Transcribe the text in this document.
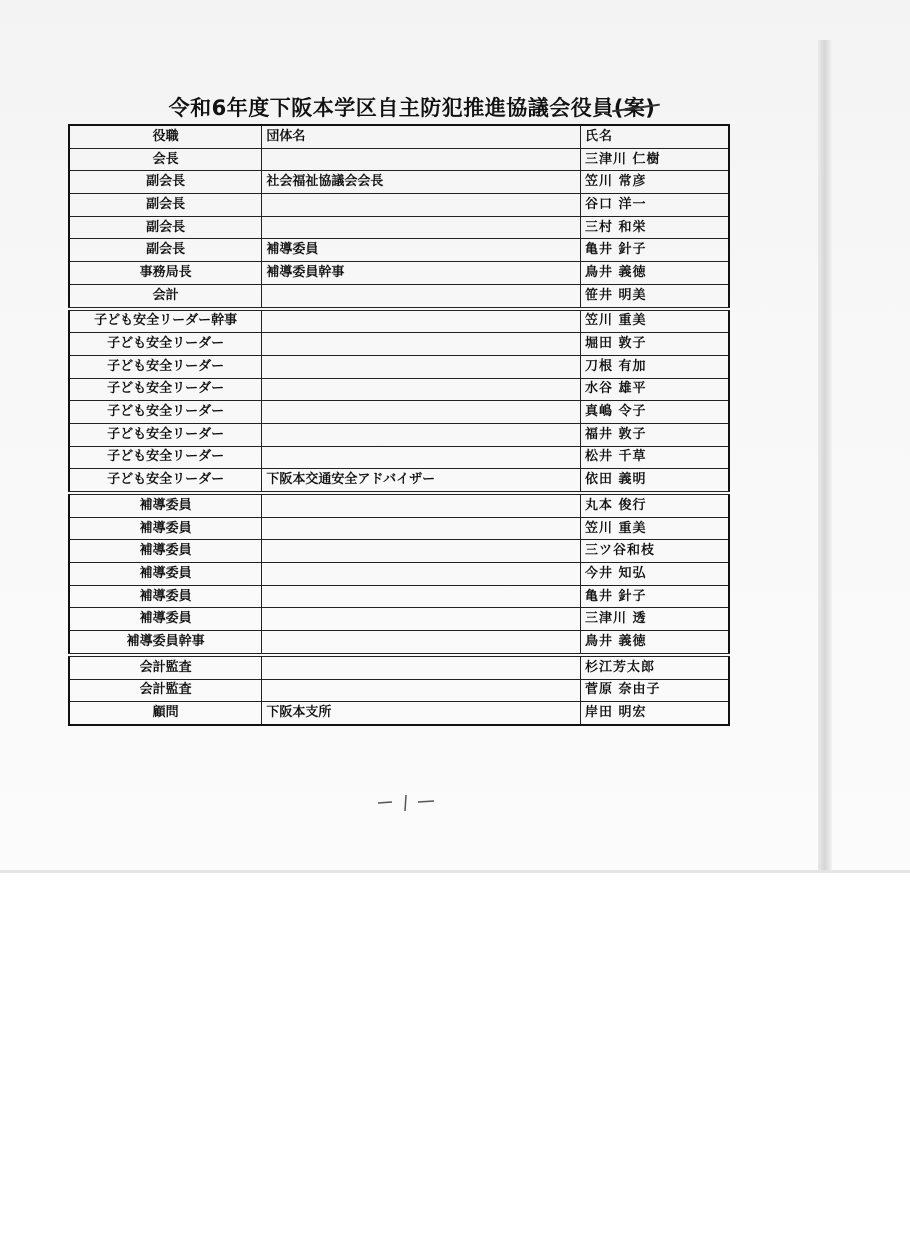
令和6年度下阪本学区自主防犯推進協議会役員(案)
役職	団体名	氏名
会長		三津川 仁樹
副会長	社会福祉協議会会長	笠川 常彦
副会長		谷口 洋一
副会長		三村 和栄
副会長	補導委員	亀井 針子
事務局長	補導委員幹事	鳥井 義徳
会計		笹井 明美
子ども安全リーダー幹事		笠川 重美
子ども安全リーダー		堀田 敦子
子ども安全リーダー		刀根 有加
子ども安全リーダー		水谷 雄平
子ども安全リーダー		真嶋 令子
子ども安全リーダー		福井 敦子
子ども安全リーダー		松井 千草
子ども安全リーダー	下阪本交通安全アドバイザー	依田 義明
補導委員		丸本 俊行
補導委員		笠川 重美
補導委員		三ツ谷和枝
補導委員		今井 知弘
補導委員		亀井 針子
補導委員		三津川 透
補導委員幹事		鳥井 義徳
会計監査		杉江芳太郎
会計監査		菅原 奈由子
顧問	下阪本支所	岸田 明宏
-1-
